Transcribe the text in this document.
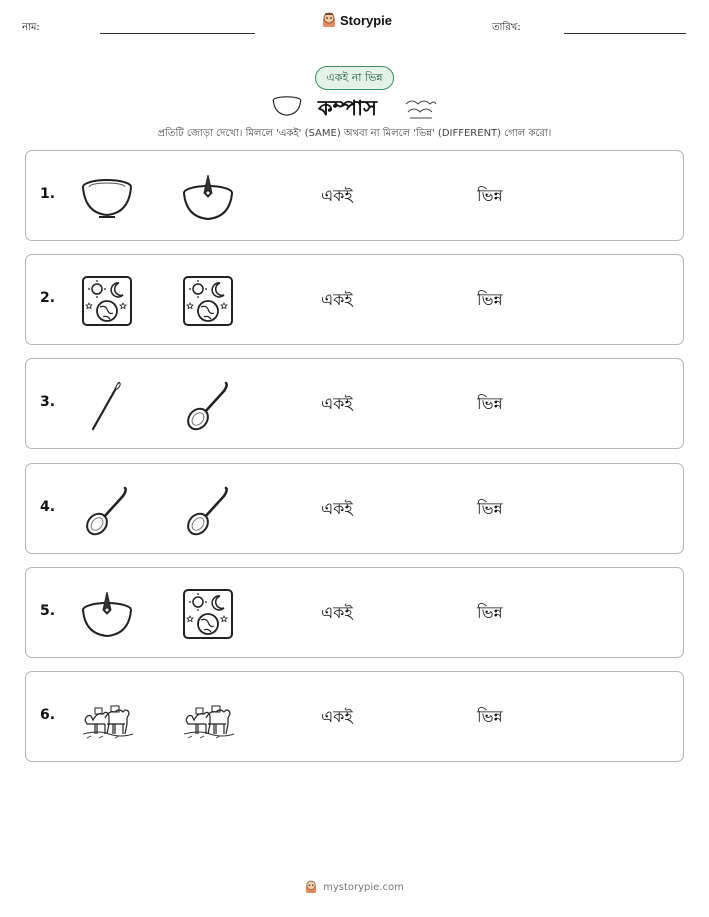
নাম:	Storypie	তারিখ:
একই না ভিন্ন
কম্পাস
প্রতিটি জোড়া দেখো। মিললে 'একই' (SAME) অথবা না মিললে 'ভিন্ন' (DIFFERENT) গোল করো।
1.	একই	ভিন্ন
2.	একই	ভিন্ন
3.	একই	ভিন্ন
4.	একই	ভিন্ন
5.	একই	ভিন্ন
6.	একই	ভিন্ন
mystorypie.com
